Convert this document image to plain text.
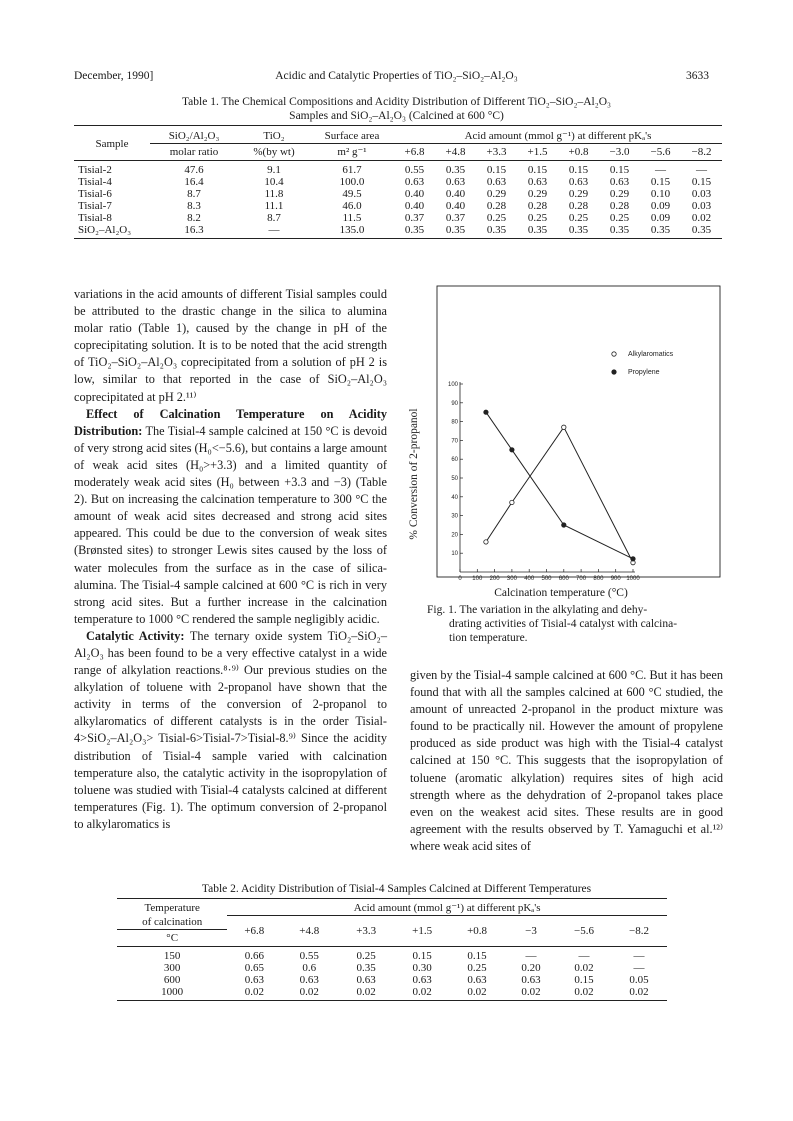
December, 1990]	Acidic and Catalytic Properties of TiO₂–SiO₂–Al₂O₃	3633
Table 1. The Chemical Compositions and Acidity Distribution of Different TiO₂–SiO₂–Al₂O₃
Samples and SiO₂–Al₂O₃ (Calcined at 600 °C)
Sample	SiO₂/Al₂O₃	TiO₂	Surface area	Acid amount (mmol g⁻¹) at different pKₐ's							
	molar ratio	%(by wt)	m² g⁻¹	+6.8	+4.8	+3.3	+1.5	+0.8	−3.0	−5.6	−8.2
Tisial-2	47.6	9.1	61.7	0.55	0.35	0.15	0.15	0.15	0.15	—	—
Tisial-4	16.4	10.4	100.0	0.63	0.63	0.63	0.63	0.63	0.63	0.15	0.15
Tisial-6	8.7	11.8	49.5	0.40	0.40	0.29	0.29	0.29	0.29	0.10	0.03
Tisial-7	8.3	11.1	46.0	0.40	0.40	0.28	0.28	0.28	0.28	0.09	0.03
Tisial-8	8.2	8.7	11.5	0.37	0.37	0.25	0.25	0.25	0.25	0.09	0.02
SiO₂–Al₂O₃	16.3	—	135.0	0.35	0.35	0.35	0.35	0.35	0.35	0.35	0.35

variations in the acid amounts of different Tisial samples could be attributed to the drastic change in the silica to alumina molar ratio (Table 1), caused by the change in pH of the coprecipitating solution. It is to be noted that the acid strength of TiO₂–SiO₂–Al₂O₃ coprecipitated from a solution of pH 2 is low, similar to that reported in the case of SiO₂–Al₂O₃ coprecipitated at pH 2.¹¹⁾

Effect of Calcination Temperature on Acidity Distribution: The Tisial-4 sample calcined at 150 °C is devoid of very strong acid sites (H₀<−5.6), but contains a large amount of weak acid sites (H₀>+3.3) and a limited quantity of moderately weak acid sites (H₀ between +3.3 and −3) (Table 2). But on increasing the calcination temperature to 300 °C the amount of weak acid sites decreased and strong acid sites appeared. This could be due to the conversion of weak sites (Brønsted sites) to stronger Lewis sites caused by the loss of water molecules from the surface as in the case of silica-alumina. The Tisial-4 sample calcined at 600 °C is rich in very strong acid sites. But a further increase in the calcination temperature to 1000 °C rendered the sample negligibly acidic.

Catalytic Activity: The ternary oxide system TiO₂–SiO₂–Al₂O₃ has been found to be a very effective catalyst in a wide range of alkylation reactions.⁸·⁹⁾ Our previous studies on the alkylation of toluene with 2-propanol have shown that the activity in terms of the conversion of 2-propanol to alkylaromatics of different catalysts is in the order Tisial-4>SiO₂–Al₂O₃> Tisial-6>Tisial-7>Tisial-8.⁹⁾ Since the acidity distribution of Tisial-4 sample varied with calcination temperature also, the catalytic activity in the isopropylation of toluene was studied with Tisial-4 catalysts calcined at different temperatures (Fig. 1). The optimum conversion of 2-propanol to alkylaromatics is

% Conversion of 2-propanol
0 100 200 300 400 500 600 700 800 900 1000
10
20
30
40
50
60
70
80
90
100
Alkylaromatics
Propylene
Calcination temperature (°C)
Fig. 1. The variation in the alkylating and dehy-
drating activities of Tisial-4 catalyst with calcina-
tion temperature.

given by the Tisial-4 sample calcined at 600 °C. But it has been found that with all the samples calcined at 600 °C studied, the amount of unreacted 2-propanol in the product mixture was found to be practically nil. However the amount of propylene produced as side product was high with the Tisial-4 catalyst calcined at 150 °C. This suggests that the isopropylation of toluene (aromatic alkylation) requires sites of high acid strength where as the dehydration of 2-propanol takes place even on the weakest acid sites. These results are in good agreement with the results observed by T. Yamaguchi et al.¹²⁾ where weak acid sites of

Table 2. Acidity Distribution of Tisial-4 Samples Calcined at Different Temperatures
Temperature	Acid amount (mmol g⁻¹) at different pKₐ's							
of calcination	+6.8	+4.8	+3.3	+1.5	+0.8	−3	−5.6	−8.2
°C								
150	0.66	0.55	0.25	0.15	0.15	—	—	—
300	0.65	0.6	0.35	0.30	0.25	0.20	0.02	—
600	0.63	0.63	0.63	0.63	0.63	0.63	0.15	0.05
1000	0.02	0.02	0.02	0.02	0.02	0.02	0.02	0.02
